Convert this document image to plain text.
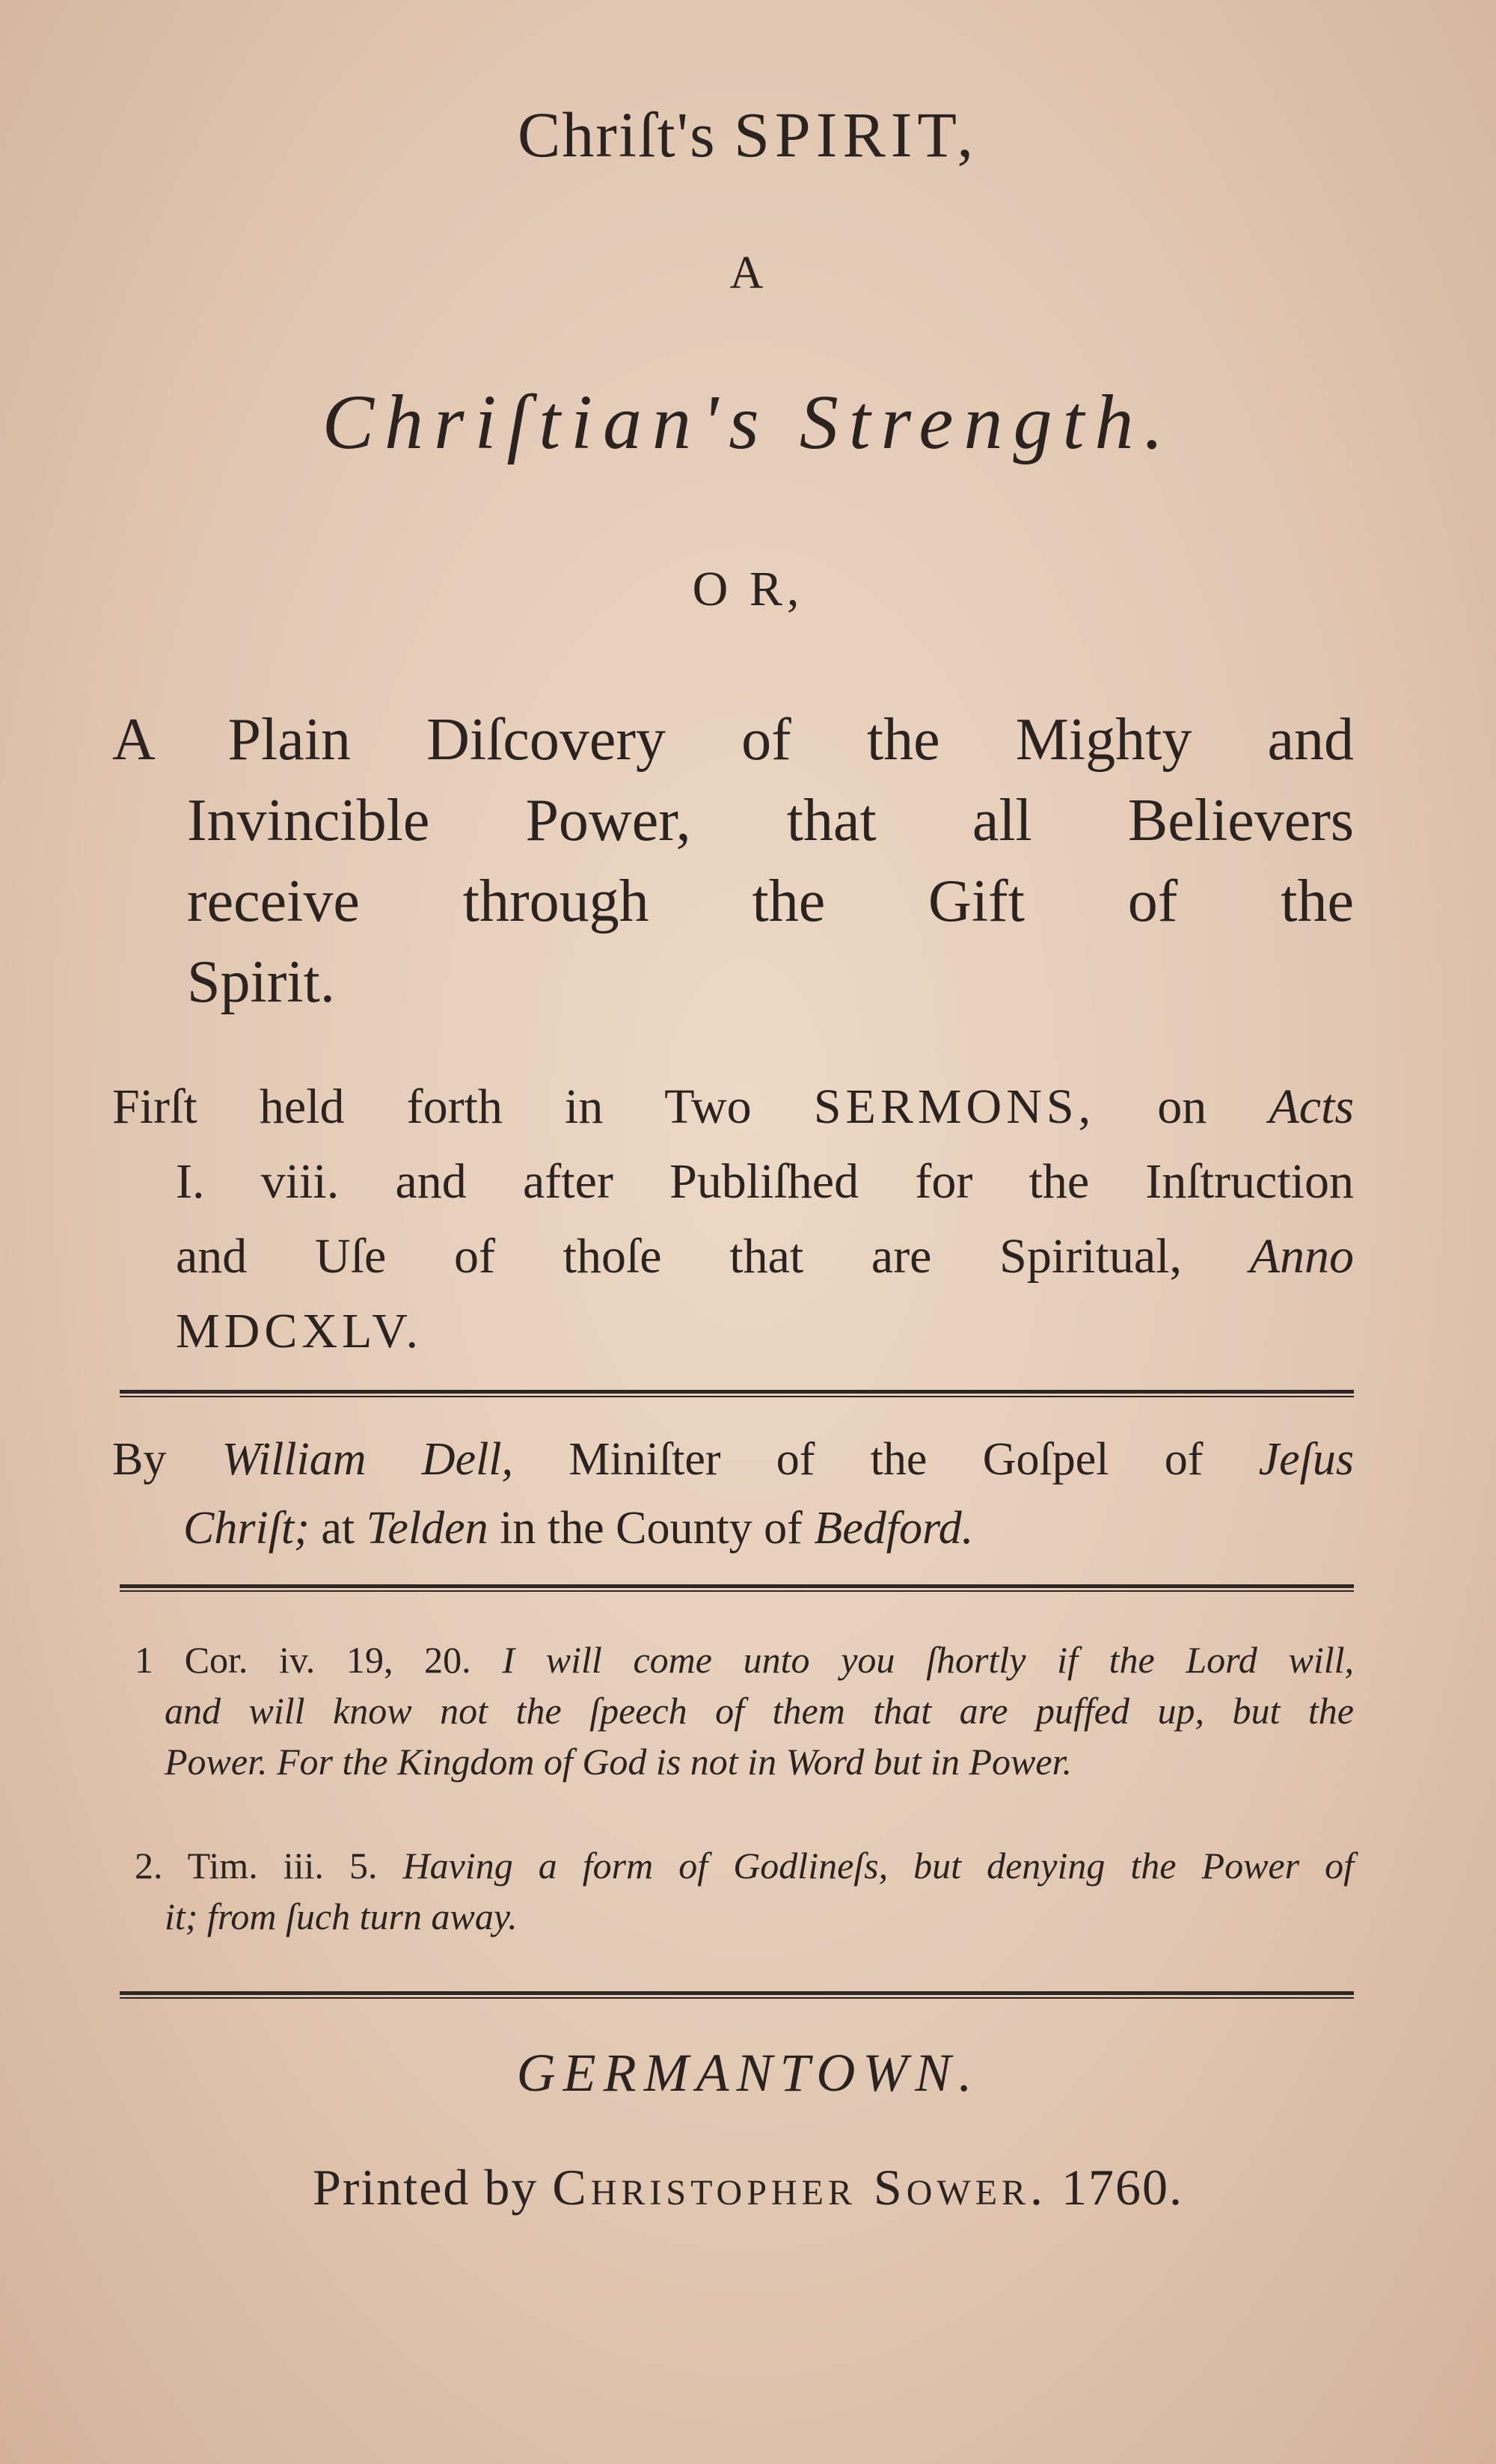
Chriſt's SPIRIT,
A
Chriſtian's Strength.
O R,
A Plain Diſcovery of the Mighty and
Invincible Power, that all Believers
receive through the Gift of the
Spirit.
Firſt held forth in Two SERMONS, on Acts
I. viii. and after Publiſhed for the Inſtruction
and Uſe of thoſe that are Spiritual, Anno
MDCXLV.
By William Dell, Miniſter of the Goſpel of Jeſus
Chriſt; at Telden in the County of Bedford.
1 Cor. iv. 19, 20. I will come unto you ſhortly if the Lord will,
and will know not the ſpeech of them that are puffed up, but the
Power. For the Kingdom of God is not in Word but in Power.
2. Tim. iii. 5. Having a form of Godlineſs, but denying the Power of
it; from ſuch turn away.
GERMANTOWN.
Printed by Christopher Sower. 1760.
